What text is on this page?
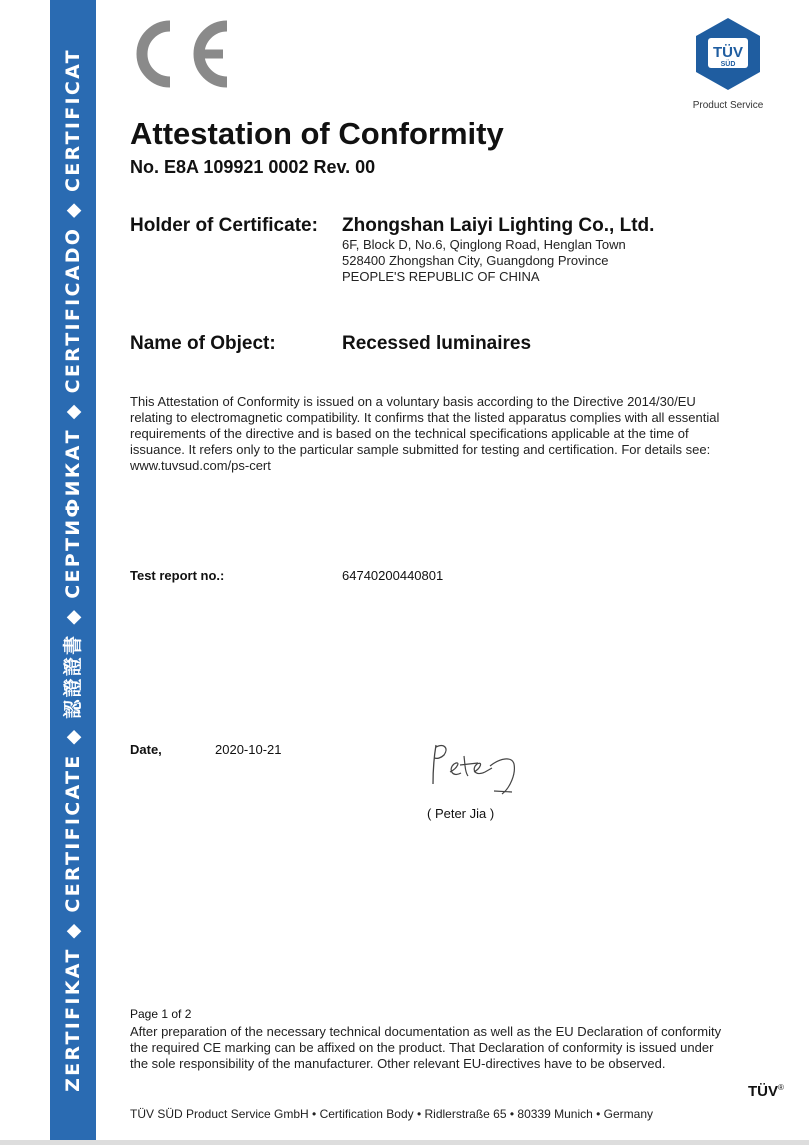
ZERTIFIKAT ◆ CERTIFICATE ◆ 認證證書 ◆ СЕРТИФИКАТ ◆ CERTIFICADO ◆ CERTIFICAT	TÜV
SÜD
Product Service
Attestation of Conformity
No. E8A 109921 0002 Rev. 00
Holder of Certificate: Zhongshan Laiyi Lighting Co., Ltd.
6F, Block D, No.6, Qinglong Road, Henglan Town
528400 Zhongshan City, Guangdong Province
PEOPLE'S REPUBLIC OF CHINA
Name of Object:	Recessed luminaires

This Attestation of Conformity is issued on a voluntary basis according to the Directive 2014/30/EU relating to electromagnetic compatibility. It confirms that the listed apparatus complies with all essential requirements of the directive and is based on the technical specifications applicable at the time of issuance. It refers only to the particular sample submitted for testing and certification. For details see: www.tuvsud.com/ps-cert

Test report no.:	64740200440801
Date,	2020-10-21
( Peter Jia )
Page 1 of 2

After preparation of the necessary technical documentation as well as the EU Declaration of conformity the required CE marking can be affixed on the product. That Declaration of conformity is issued under the sole responsibility of the manufacturer. Other relevant EU-directives have to be observed.

TÜV®
TÜV SÜD Product Service GmbH • Certification Body • Ridlerstraße 65 • 80339 Munich • Germany
